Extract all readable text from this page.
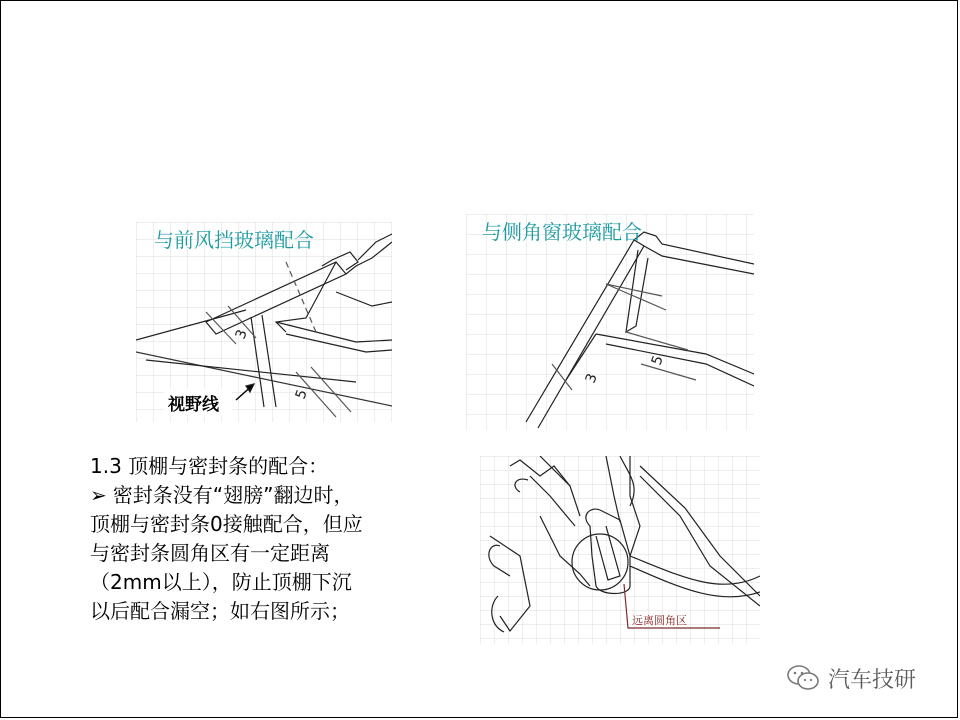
3
5
视野线
与前风挡玻璃配合
3
5
与侧角窗玻璃配合
1.3 顶棚与密封条的配合：
➢ 密封条没有“翅膀”翻边时，
顶棚与密封条0接触配合，但应
与密封条圆角区有一定距离
（2mm以上），防止顶棚下沉
以后配合漏空；如右图所示；	远离圆角区
汽车技研
